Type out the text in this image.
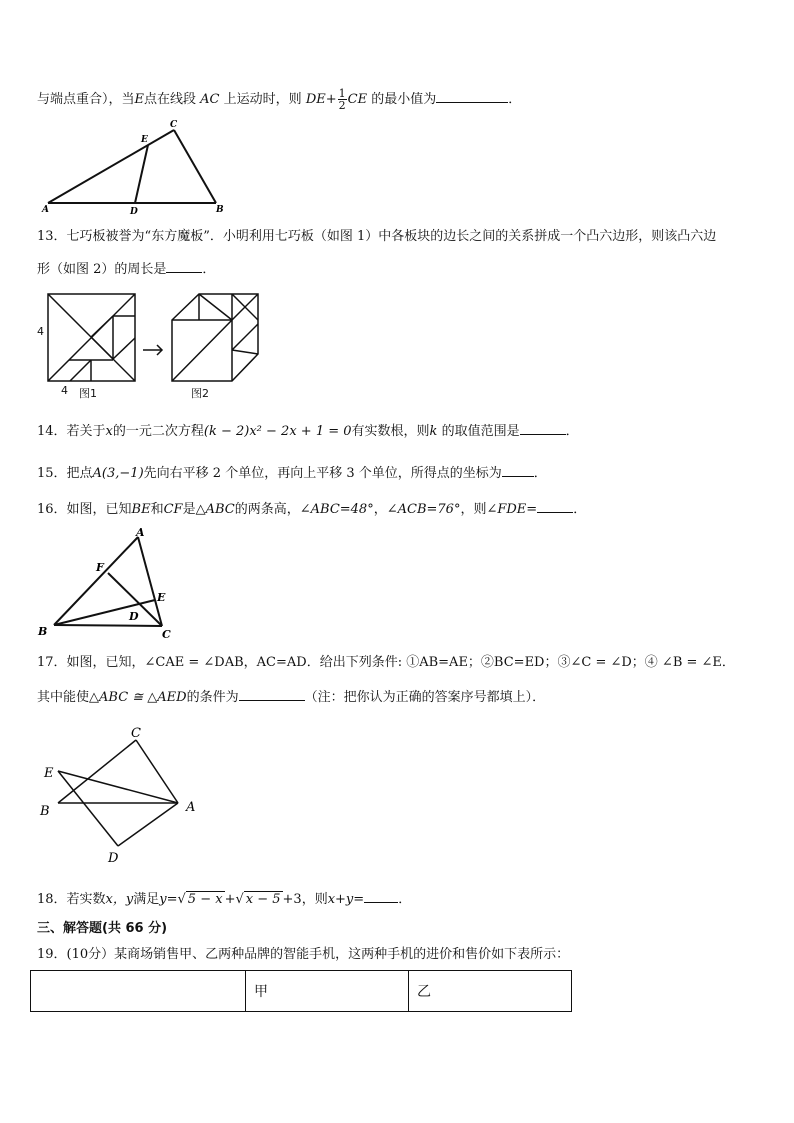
与端点重合），当E点在线段 AC 上运动时，则 $DE+ \frac{1}{2}$ CE 的最小值为	．
A	B
C
D
E
13．七巧板被誉为“东方魔板”．小明利用七巧板（如图 1）中各板块的边长之间的关系拼成一个凸六边形，则该凸六边
形（如图 2）的周长是	．
4
4 图1	图2
14．若关于x的一元二次方程(k − 2)x² − 2x + 1 = 0有实数根，则k 的取值范围是	．
15．把点A(3,−1)先向右平移 2 个单位，再向上平移 3 个单位，所得点的坐标为 ．
16．如图，已知BE和CF是△ABC的两条高，∠ABC=48°，∠ACB=76°，则∠FDE=	．
A
B	C
D
E
F
17．如图，已知，∠CAE = ∠DAB，AC=AD．给出下列条件: ①AB=AE；②BC=ED；③∠C = ∠D；④ ∠B = ∠E．
其中能使△ABC ≅ △AED的条件为	（注：把你认为正确的答案序号都填上）．
C
E
B	A
D
18．若实数x，y满足y=√ 5 − x +√ x − 5 +3，则x+y=	．
三、解答题(共 66 分)
19．(10分）某商场销售甲、乙两种品牌的智能手机，这两种手机的进价和售价如下表所示：
	甲	乙
